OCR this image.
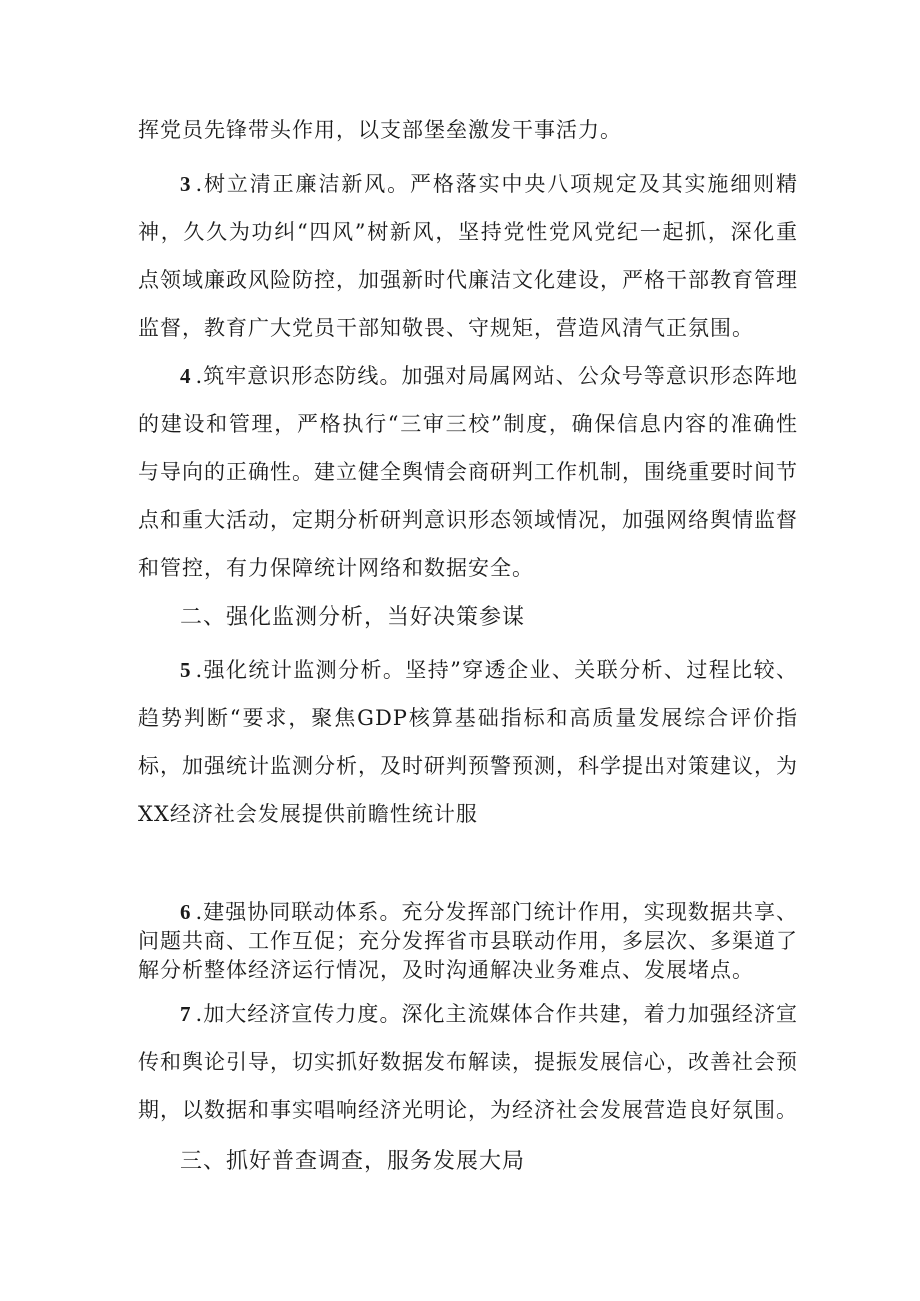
挥党员先锋带头作用，以支部堡垒激发干事活力。

3 .树立清正廉洁新风。严格落实中央八项规定及其实施细则精神，久久为功纠“四风”树新风，坚持党性党风党纪一起抓，深化重点领域廉政风险防控，加强新时代廉洁文化建设，严格干部教育管理监督，教育广大党员干部知敬畏、守规矩，营造风清气正氛围。

4 .筑牢意识形态防线。加强对局属网站、公众号等意识形态阵地的建设和管理，严格执行“三审三校”制度，确保信息内容的准确性与导向的正确性。建立健全舆情会商研判工作机制，围绕重要时间节点和重大活动，定期分析研判意识形态领域情况，加强网络舆情监督和管控，有力保障统计网络和数据安全。

二、强化监测分析，当好决策参谋

5 .强化统计监测分析。坚持”穿透企业、关联分析、过程比较、趋势判断“要求，聚焦GDP核算基础指标和高质量发展综合评价指标，加强统计监测分析，及时研判预警预测，科学提出对策建议，为XX经济社会发展提供前瞻性统计服

6 .建强协同联动体系。充分发挥部门统计作用，实现数据共享、问题共商、工作互促；充分发挥省市县联动作用，多层次、多渠道了解分析整体经济运行情况，及时沟通解决业务难点、发展堵点。

7 .加大经济宣传力度。深化主流媒体合作共建，着力加强经济宣传和舆论引导，切实抓好数据发布解读，提振发展信心，改善社会预期，以数据和事实唱响经济光明论，为经济社会发展营造良好氛围。

三、抓好普查调查，服务发展大局
